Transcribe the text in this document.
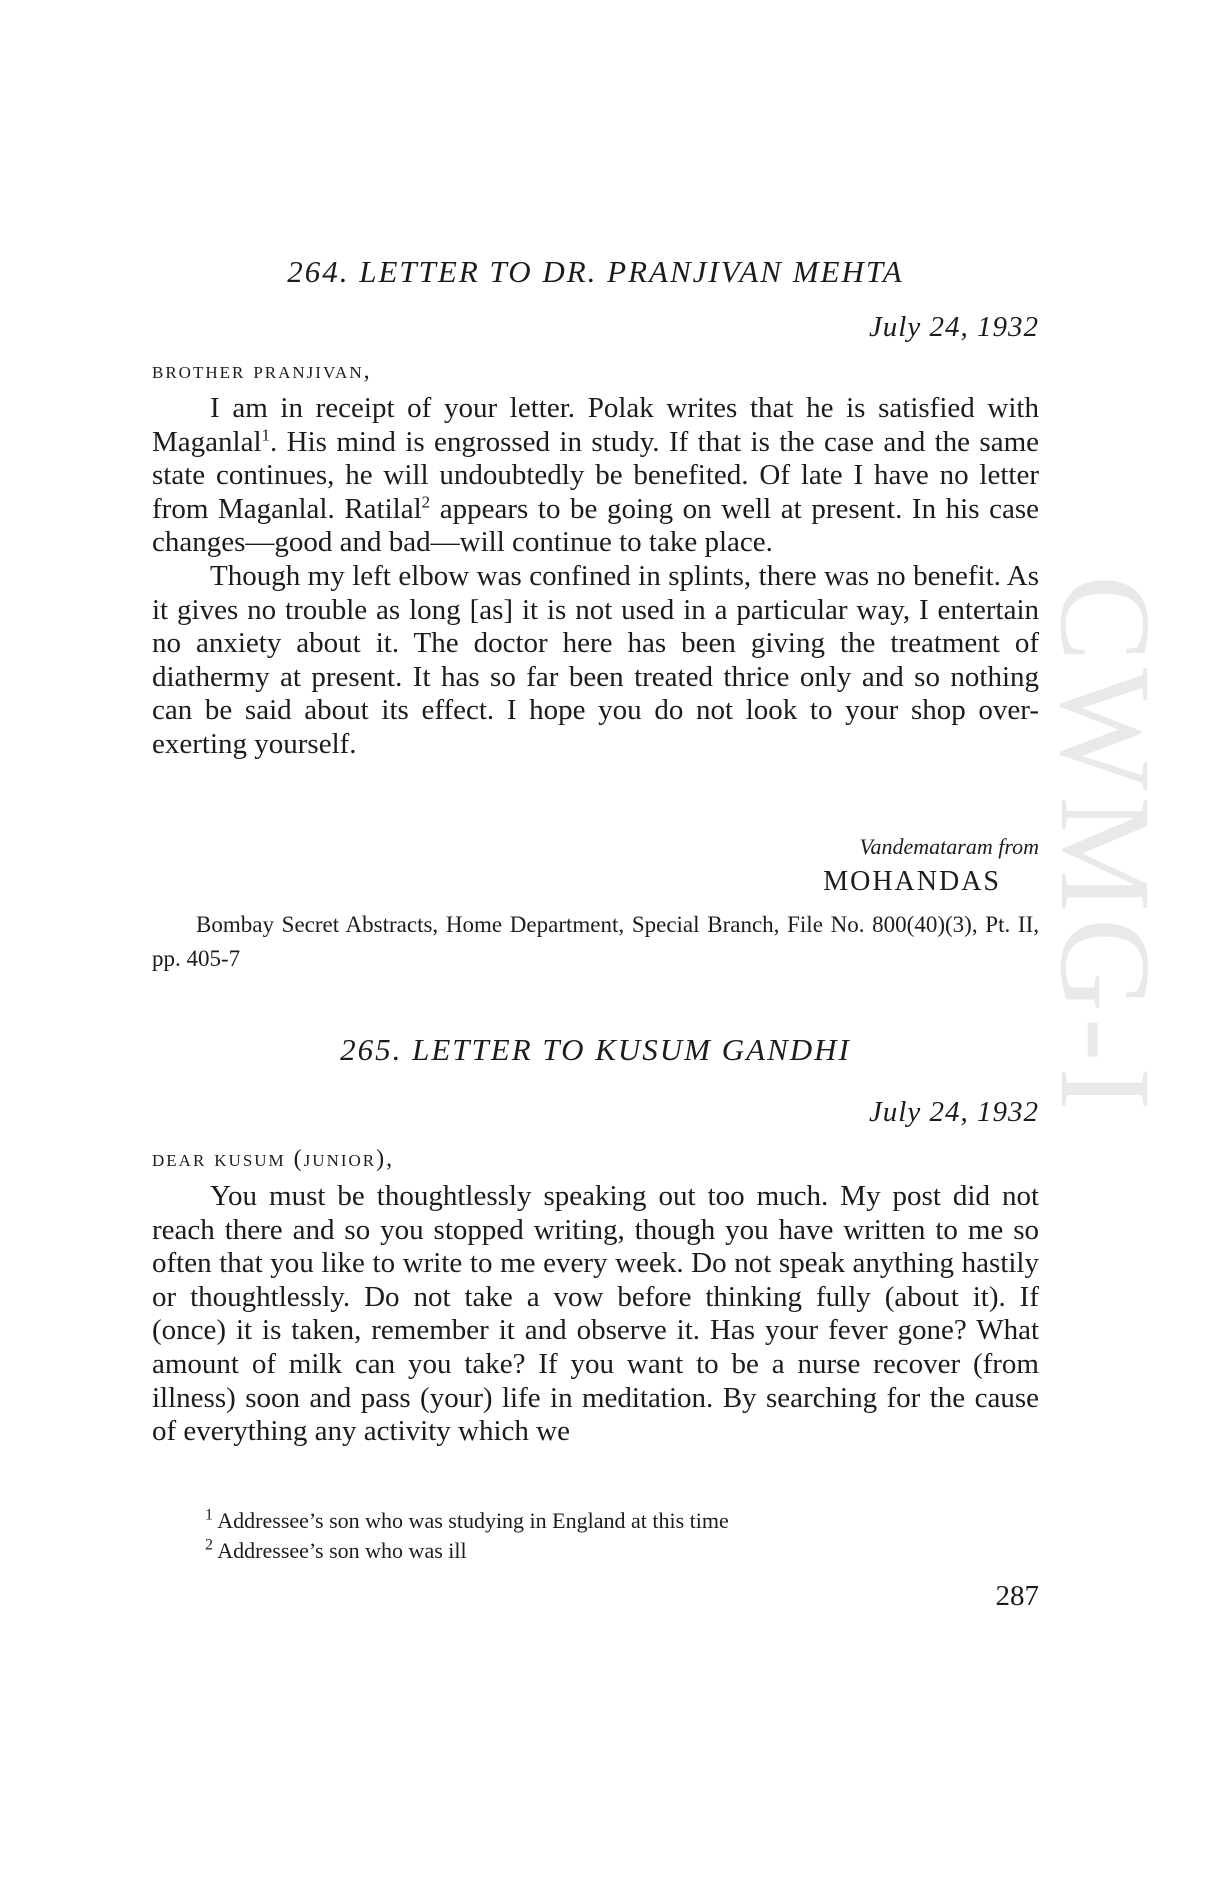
CWMG-I
264. LETTER TO DR. PRANJIVAN MEHTA
July 24, 1932
brother pranjivan,

I am in receipt of your letter. Polak writes that he is satisfied with Maganlal$^1$. His mind is engrossed in study. If that is the case and the same state continues, he will undoubtedly be benefited. Of late I have no letter from Maganlal. Ratilal$^2$ appears to be going on well at present. In his case changes—good and bad—will continue to take place.

Though my left elbow was confined in splints, there was no benefit. As it gives no trouble as long [as] it is not used in a particular way, I entertain no anxiety about it. The doctor here has been giving the treatment of diathermy at present. It has so far been treated thrice only and so nothing can be said about its effect. I hope you do not look to your shop over-exerting yourself.

Vandemataram from
MOHANDAS

Bombay Secret Abstracts, Home Department, Special Branch, File No. 800(40)(3), Pt. II, pp. 405-7

265. LETTER TO KUSUM GANDHI
July 24, 1932
dear kusum (junior),

You must be thoughtlessly speaking out too much. My post did not reach there and so you stopped writing, though you have written to me so often that you like to write to me every week. Do not speak anything hastily or thoughtlessly. Do not take a vow before thinking fully (about it). If (once) it is taken, remember it and observe it. Has your fever gone? What amount of milk can you take? If you want to be a nurse recover (from illness) soon and pass (your) life in meditation. By searching for the cause of everything any activity which we

$^1$ Addressee’s son who was studying in England at this time
$^2$ Addressee’s son who was ill
287
